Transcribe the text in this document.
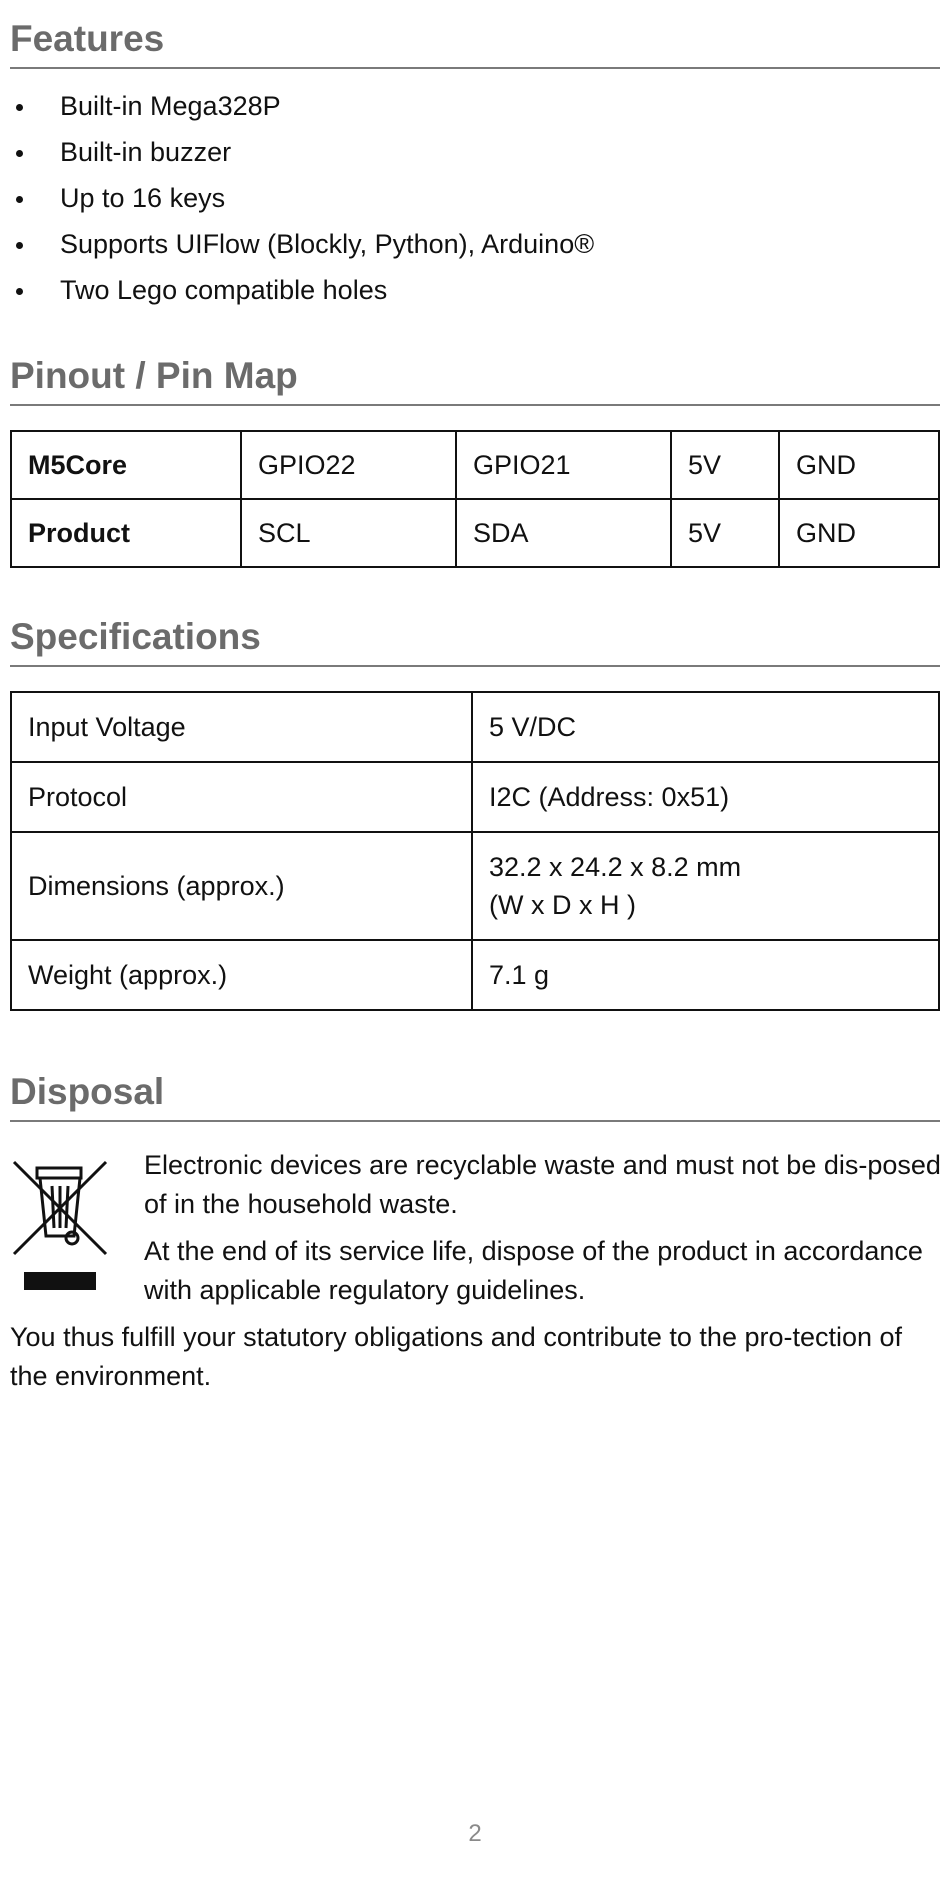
Features
Built-in Mega328P
Built-in buzzer
Up to 16 keys
Supports UIFlow (Blockly, Python), Arduino®
Two Lego compatible holes
Pinout / Pin Map
M5Core	GPIO22	GPIO21	5V	GND
Product	SCL	SDA	5V	GND
Specifications
Input Voltage	5 V/DC
Protocol	I2C (Address: 0x51)
Dimensions (approx.)	32.2 x 24.2 x 8.2 mm
(W x D x H )
Weight (approx.)	7.1 g
Disposal

Electronic devices are recyclable waste and must not be dis-posed of in the household waste.

At the end of its service life, dispose of the product in accordance with applicable regulatory guidelines.

You thus fulfill your statutory obligations and contribute to the pro-tection of the environment.

2
